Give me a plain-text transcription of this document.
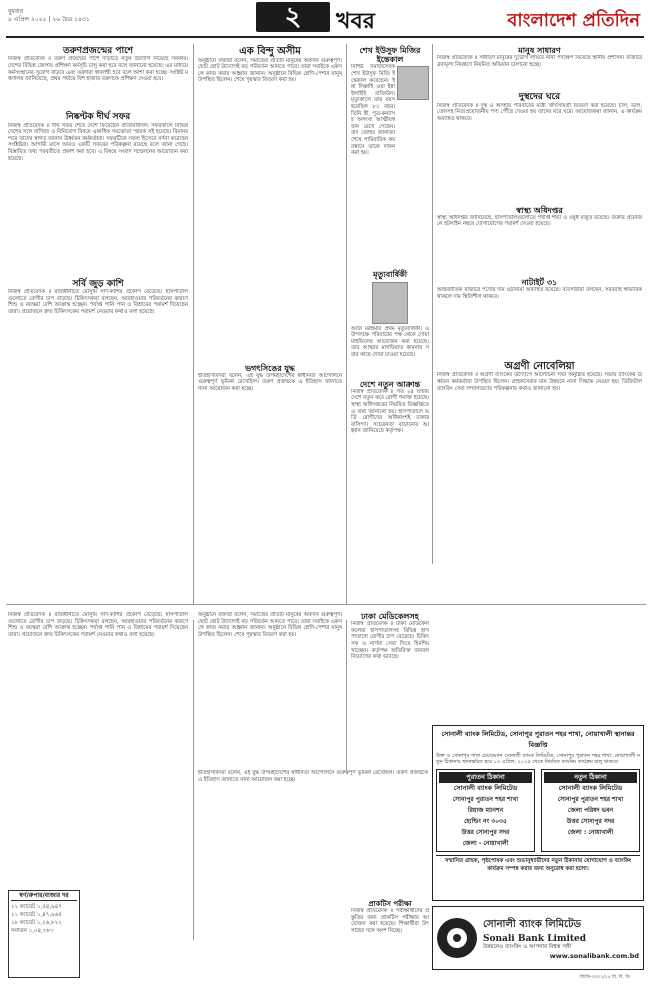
বুধবার
৯ এপ্রিল ২০২৫ | ২৬ চৈত্র ১৪৩১	২	খবর	বাংলাদেশ প্রতিদিন
তরুণপ্রজন্মের পাশে
নিজস্ব প্রতিবেদক ॥ তরুণ প্রজন্মের পাশে দাঁড়াতে নতুন উদ্যোগ নিয়েছে সরকার। দেশের বিভিন্ন জেলায় প্রশিক্ষণ কর্মসূচি চালু করা হবে বলে জানানো হয়েছে। এর মাধ্যমে কর্মসংস্থানের সুযোগ বাড়বে এবং তরুণরা স্বাবলম্বী হবে বলে আশা করা হচ্ছে। সংশ্লিষ্ট মন্ত্রণালয় জানিয়েছে, প্রথম পর্যায়ে বিশ হাজার তরুণকে প্রশিক্ষণ দেওয়া হবে।
নিষ্কণ্টক দীর্ঘ সফর
নিজস্ব প্রতিবেদক ॥ দীর্ঘ সফর শেষে দেশে ফিরেছেন প্রতিনিধিদল। সফরকালে বিভিন্ন দেশের সঙ্গে বাণিজ্য ও বিনিয়োগ বিষয়ে একাধিক সমঝোতা স্মারক সই হয়েছে। বিমানবন্দরে তাদের স্বাগত জানান ঊর্ধ্বতন কর্মকর্তারা। সফরটিকে সফল হিসেবে বর্ণনা করেছেন সংশ্লিষ্টরা। আগামী মাসে আরও একটি সফরের পরিকল্পনা রয়েছে বলে জানা গেছে। বিস্তারিত তথ্য পরবর্তীতে প্রকাশ করা হবে। এ বিষয়ে সংবাদ সম্মেলনের আয়োজন করা হয়েছে।
সর্বি জুড় কাশি
নিজস্ব প্রতিবেদক ॥ রাজধানীতে মৌসুমি সর্দি-কাশির প্রকোপ বেড়েছে। হাসপাতালগুলোতে রোগীর চাপ বাড়ছে। চিকিৎসকরা বলছেন, আবহাওয়ার পরিবর্তনের কারণে শিশু ও বয়স্করা বেশি আক্রান্ত হচ্ছেন। পর্যাপ্ত পানি পান ও বিশ্রামের পরামর্শ দিয়েছেন তারা। প্রয়োজনে দ্রুত চিকিৎসকের পরামর্শ নেওয়ার কথাও বলা হয়েছে।
এক বিন্দু অসীম
অনুষ্ঠানে বক্তারা বলেন, সমাজের প্রতিটি মানুষের অবদান গুরুত্বপূর্ণ। ছোট ছোট উদ্যোগই বড় পরিবর্তন আনতে পারে। তারা সবাইকে একসঙ্গে কাজ করার আহ্বান জানান। অনুষ্ঠানে বিভিন্ন শ্রেণি-পেশার মানুষ উপস্থিত ছিলেন। শেষে পুরস্কার বিতরণ করা হয়।
ভগৎসিঙের যুদ্ধ
ইতিহাসবিদরা বলেন, এই যুদ্ধ উপমহাদেশের স্বাধীনতা আন্দোলনে গুরুত্বপূর্ণ ভূমিকা রেখেছিল। তরুণ প্রজন্মকে এ ইতিহাস জানাতে নানা আয়োজন করা হচ্ছে।
শেখ ইউসুফ মিজির ইন্তেকাল
বিশিষ্ট সমাজসেবক শেখ ইউসুফ মিজি ইন্তেকাল করেছেন। ইন্না লিল্লাহি ওয়া ইন্না ইলাইহি রাজিউন। মৃত্যুকালে তার বয়স হয়েছিল ৮২ বছর। তিনি স্ত্রী, পুত্র-কন্যাসহ অসংখ্য আত্মীয়স্বজন রেখে গেছেন। বাদ জোহর জানাজা শেষে পারিবারিক কবরস্থানে তাকে দাফন করা হয়।
মৃত্যুবার্ষিকী
আজ মরহুমার প্রথম মৃত্যুবার্ষিকী। এ উপলক্ষে পরিবারের পক্ষ থেকে দোয়া মাহফিলের আয়োজন করা হয়েছে। তার আত্মার মাগফিরাত কামনায় সবার কাছে দোয়া চাওয়া হয়েছে।
দেশে নতুন আক্রান্ত
নিজস্ব প্রতিবেদক ॥ গত ২৪ ঘণ্টায় দেশে নতুন করে রোগী শনাক্ত হয়েছে। স্বাস্থ্য অধিদপ্তরের নিয়মিত বিজ্ঞপ্তিতে এ তথ্য জানানো হয়। হাসপাতালে ভর্তি রোগীদের অধিকাংশই ঢাকার বাসিন্দা। সচেতনতা বাড়ানোর আহ্বান জানিয়েছে কর্তৃপক্ষ।
মানুষ সাধারণ
নিজস্ব প্রতিবেদক ॥ সাধারণ মানুষের দুর্ভোগ লাঘবে নানা পদক্ষেপ নিয়েছে স্থানীয় প্রশাসন। বাজারে দ্রব্যমূল্য নিয়ন্ত্রণে নিয়মিত অভিযান চালানো হচ্ছে।
দুস্থদের ঘরে
নিজস্ব প্রতিবেদক ॥ দুস্থ ও অসহায় পরিবারের মধ্যে খাদ্যসামগ্রী বিতরণ করা হয়েছে। চাল, ডাল, তেলসহ নিত্যপ্রয়োজনীয় পণ্য পৌঁছে দেওয়া হয় তাদের ঘরে ঘরে। আয়োজকরা জানান, এ কার্যক্রম অব্যাহত থাকবে।
স্বাস্থ্য অধিদপ্তর
স্বাস্থ্য অধিদপ্তর জানিয়েছে, হাসপাতালগুলোতে পর্যাপ্ত শয্যা ও ওষুধ মজুত রয়েছে। জরুরি প্রয়োজনে হটলাইন নম্বরে যোগাযোগের পরামর্শ দেওয়া হয়েছে।
নাটাইর্ট ৩১
আন্তর্জাতিক বাজারে পণ্যের দাম ওঠানামা অব্যাহত রয়েছে। ব্যবসায়ীরা বলছেন, সরবরাহ স্বাভাবিক থাকলে দাম স্থিতিশীল থাকবে।
অগ্রণী নোবেলিয়া
নিজস্ব প্রতিবেদক ॥ অগ্রণী ব্যাংকের উদ্যোগে আলোচনা সভা অনুষ্ঠিত হয়েছে। সভায় ব্যাংকের ঊর্ধ্বতন কর্মকর্তারা উপস্থিত ছিলেন। গ্রাহকসেবার মান উন্নয়নে নানা সিদ্ধান্ত নেওয়া হয়। ডিজিটাল ব্যাংকিং সেবা সম্প্রসারণের পরিকল্পনার কথাও জানানো হয়।
নিজস্ব প্রতিবেদক ॥ রাজধানীতে মৌসুমি সর্দি-কাশির প্রকোপ বেড়েছে। হাসপাতালগুলোতে রোগীর চাপ বাড়ছে। চিকিৎসকরা বলছেন, আবহাওয়ার পরিবর্তনের কারণে শিশু ও বয়স্করা বেশি আক্রান্ত হচ্ছেন। পর্যাপ্ত পানি পান ও বিশ্রামের পরামর্শ দিয়েছেন তারা। প্রয়োজনে দ্রুত চিকিৎসকের পরামর্শ নেওয়ার কথাও বলা হয়েছে।
স্বর্ণ/রুপার/বাজার দর
২২ ক্যারেট ১,৫৪,৯৪৭
২১ ক্যারেট ১,৪৭,৯৬৫
১৮ ক্যারেট ১,২৬,৮২২
সনাতন ১,০৪,৩৮৩
অনুষ্ঠানে বক্তারা বলেন, সমাজের প্রতিটি মানুষের অবদান গুরুত্বপূর্ণ। ছোট ছোট উদ্যোগই বড় পরিবর্তন আনতে পারে। তারা সবাইকে একসঙ্গে কাজ করার আহ্বান জানান। অনুষ্ঠানে বিভিন্ন শ্রেণি-পেশার মানুষ উপস্থিত ছিলেন। শেষে পুরস্কার বিতরণ করা হয়।
ঢাকা মেডিকেলসহ
নিজস্ব প্রতিবেদক ॥ ঢাকা মেডিকেল কলেজ হাসপাতালসহ বিভিন্ন হাসপাতালে রোগীর চাপ বেড়েছে। চিকিৎসক ও নার্সরা সেবা দিতে হিমশিম খাচ্ছেন। কর্তৃপক্ষ অতিরিক্ত জনবল নিয়োগের কথা ভাবছে।
ইতিহাসবিদরা বলেন, এই যুদ্ধ উপমহাদেশের স্বাধীনতা আন্দোলনে গুরুত্বপূর্ণ ভূমিকা রেখেছিল। তরুণ প্রজন্মকে এ ইতিহাস জানাতে নানা আয়োজন করা হচ্ছে।
প্রাকটিস পরীক্ষা
নিজস্ব প্রতিবেদক ॥ পরীক্ষার্থীদের প্রস্তুতির জন্য প্রাকটিস পরীক্ষার আয়োজন করা হয়েছে। শিক্ষার্থীরা উৎসাহের সঙ্গে অংশ নিচ্ছে।
সোনালী ব্যাংক লিমিটেড, সোনাপুর পুরাতন শহর শাখা, নোয়াখালী স্থানান্তর বিজ্ঞপ্তি
উক্ত ও সোনাপুর শাখা চেয়ারম্যান সোনালী ব্যাংক লিমিটেড, সোনাপুর পুরাতন শহর শাখা, নোয়াখালী নতুন ঠিকানায় স্থানান্তরিত হয়ে ১৩ এপ্রিল, ২০২৫ থেকে নিয়মিত ব্যাংকিং কার্যক্রম চালু থাকবে।
পুরাতন ঠিকানা
সোনালী ব্যাংক লিমিটেড
সোনাপুর পুরাতন শহর শাখা
রিয়াজ ম্যানশন
হোল্ডিং নং ৩০৩৫
উত্তর সোনাপুর সদর
জেলা - নোয়াখালী
নতুন ঠিকানা
সোনালী ব্যাংক লিমিটেড
সোনাপুর পুরাতন শহর শাখা
জেলা পরিষদ ভবন
উত্তর সোনাপুর সদর
জেলা : নোয়াখালী
সম্মানিত গ্রাহক, পৃষ্ঠপোষক এবং শুভানুধ্যায়ীদের নতুন ঠিকানায় যোগাযোগ ও ব্যাংকিং কার্যক্রম সম্পন্ন করার জন্য অনুরোধ করা হলো।
সোনালী ব্যাংক লিমিটেড
Sonali Bank Limited
উন্নয়নেও ব্যাংকিং এ আপনার বিশ্বস্ত সঙ্গী
www.sonalibank.com.bd
জিডি-৩৩০২/২৫ বি. বি. ডি
